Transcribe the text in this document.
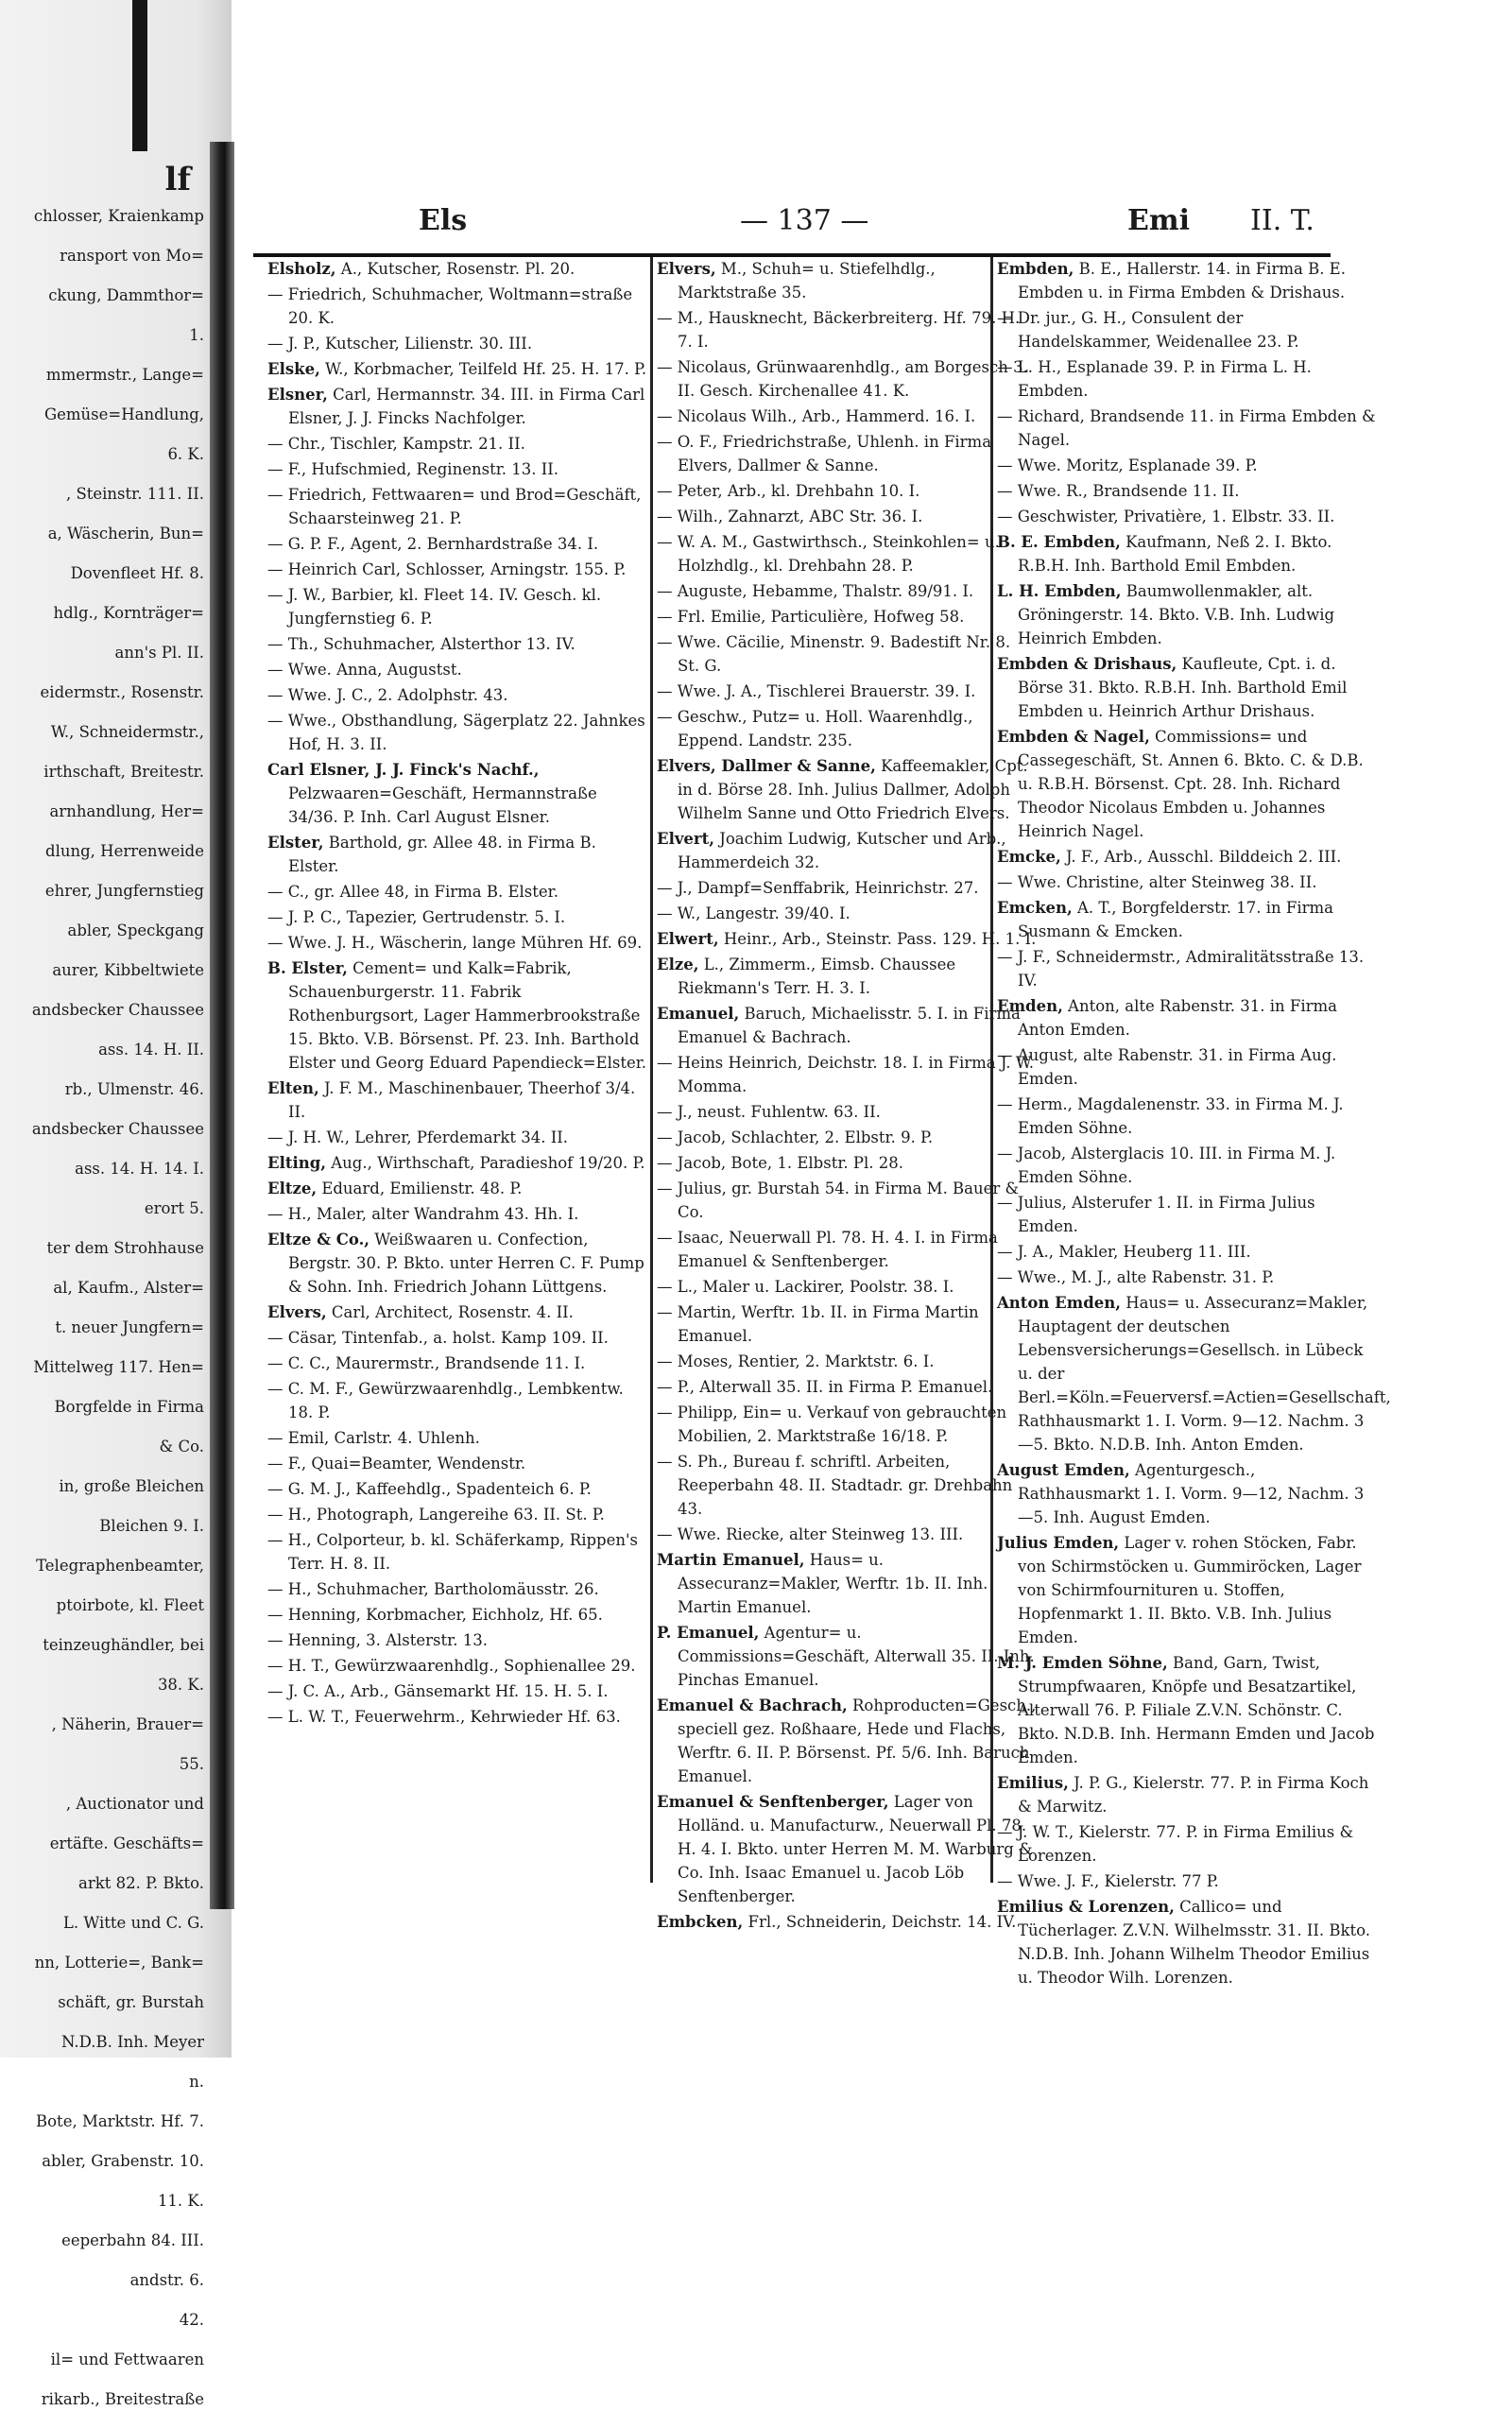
lf
chlosser, Kraienkamp
ransport von Mo=
ckung, Dammthor=
1.
mmermstr., Lange=
Gemüse=Handlung,
6. K.
, Steinstr. 111. II.
a, Wäscherin, Bun=
Dovenfleet Hf. 8.
hdlg., Kornträger=
ann's Pl. II.
eidermstr., Rosenstr.
W., Schneidermstr.,
irthschaft, Breitestr.
arnhandlung, Her=
dlung, Herrenweide
ehrer, Jungfernstieg
abler, Speckgang
aurer, Kibbeltwiete
andsbecker Chaussee
ass. 14. H. II.
rb., Ulmenstr. 46.
andsbecker Chaussee
ass. 14. H. 14. I.
erort 5.
ter dem Strohhause
al, Kaufm., Alster=
t. neuer Jungfern=
Mittelweg 117. Hen=
Borgfelde in Firma
& Co.
in, große Bleichen
Bleichen 9. I.
Telegraphenbeamter,
ptoirbote, kl. Fleet
teinzeughändler, bei
38. K.
, Näherin, Brauer=
55.
, Auctionator und
ertäfte. Geschäfts=
arkt 82. P. Bkto.
L. Witte und C. G.
nn, Lotterie=, Bank=
schäft, gr. Burstah
N.D.B. Inh. Meyer
n.
Bote, Marktstr. Hf. 7.
abler, Grabenstr. 10.
11. K.
eeperbahn 84. III.
andstr. 6.
42.
il= und Fettwaaren
rikarb., Breitestraße
Els	— 137 —	Emi II. T.
Elsholz, A., Kutscher, Rosenstr. Pl. 20.
— Friedrich, Schuhmacher, Woltmann=straße 20. K.
— J. P., Kutscher, Lilienstr. 30. III.
Elske, W., Korbmacher, Teilfeld Hf. 25. H. 17. P.
Elsner, Carl, Hermannstr. 34. III. in Firma Carl Elsner, J. J. Fincks Nachfolger.
— Chr., Tischler, Kampstr. 21. II.
— F., Hufschmied, Reginenstr. 13. II.
— Friedrich, Fettwaaren= und Brod=Geschäft, Schaarsteinweg 21. P.
— G. P. F., Agent, 2. Bernhardstraße 34. I.
— Heinrich Carl, Schlosser, Arningstr. 155. P.
— J. W., Barbier, kl. Fleet 14. IV. Gesch. kl. Jungfernstieg 6. P.
— Th., Schuhmacher, Alsterthor 13. IV.
— Wwe. Anna, Augustst.
— Wwe. J. C., 2. Adolphstr. 43.
— Wwe., Obsthandlung, Sägerplatz 22. Jahnkes Hof, H. 3. II.
Carl Elsner, J. J. Finck's Nachf., Pelzwaaren=Geschäft, Hermannstraße 34/36. P. Inh. Carl August Elsner.
Elster, Barthold, gr. Allee 48. in Firma B. Elster.
— C., gr. Allee 48, in Firma B. Elster.
— J. P. C., Tapezier, Gertrudenstr. 5. I.
— Wwe. J. H., Wäscherin, lange Mühren Hf. 69.
B. Elster, Cement= und Kalk=Fabrik, Schauenburgerstr. 11. Fabrik Rothenburgsort, Lager Hammerbrookstraße 15. Bkto. V.B. Börsenst. Pf. 23. Inh. Barthold Elster und Georg Eduard Papendieck=Elster.
Elten, J. F. M., Maschinenbauer, Theerhof 3/4. II.
— J. H. W., Lehrer, Pferdemarkt 34. II.
Elting, Aug., Wirthschaft, Paradieshof 19/20. P.
Eltze, Eduard, Emilienstr. 48. P.
— H., Maler, alter Wandrahm 43. Hh. I.
Eltze & Co., Weißwaaren u. Confection, Bergstr. 30. P. Bkto. unter Herren C. F. Pump & Sohn. Inh. Friedrich Johann Lüttgens.
Elvers, Carl, Architect, Rosenstr. 4. II.
— Cäsar, Tintenfab., a. holst. Kamp 109. II.
— C. C., Maurermstr., Brandsende 11. I.
— C. M. F., Gewürzwaarenhdlg., Lembkentw. 18. P.
— Emil, Carlstr. 4. Uhlenh.
— F., Quai=Beamter, Wendenstr.
— G. M. J., Kaffeehdlg., Spadenteich 6. P.
— H., Photograph, Langereihe 63. II. St. P.
— H., Colporteur, b. kl. Schäferkamp, Rippen's Terr. H. 8. II.
— H., Schuhmacher, Bartholomäusstr. 26.
— Henning, Korbmacher, Eichholz, Hf. 65.
— Henning, 3. Alsterstr. 13.
— H. T., Gewürzwaarenhdlg., Sophienallee 29.
— J. C. A., Arb., Gänsemarkt Hf. 15. H. 5. I.
— L. W. T., Feuerwehrm., Kehrwieder Hf. 63.
Elvers, M., Schuh= u. Stiefelhdlg., Marktstraße 35.
— M., Hausknecht, Bäckerbreiterg. Hf. 79. H. 7. I.
— Nicolaus, Grünwaarenhdlg., am Borgesch 3. II. Gesch. Kirchenallee 41. K.
— Nicolaus Wilh., Arb., Hammerd. 16. I.
— O. F., Friedrichstraße, Uhlenh. in Firma Elvers, Dallmer & Sanne.
— Peter, Arb., kl. Drehbahn 10. I.
— Wilh., Zahnarzt, ABC Str. 36. I.
— W. A. M., Gastwirthsch., Steinkohlen= u. Holzhdlg., kl. Drehbahn 28. P.
— Auguste, Hebamme, Thalstr. 89/91. I.
— Frl. Emilie, Particulière, Hofweg 58.
— Wwe. Cäcilie, Minenstr. 9. Badestift Nr. 8. St. G.
— Wwe. J. A., Tischlerei Brauerstr. 39. I.
— Geschw., Putz= u. Holl. Waarenhdlg., Eppend. Landstr. 235.
Elvers, Dallmer & Sanne, Kaffeemakler, Cpt. in d. Börse 28. Inh. Julius Dallmer, Adolph Wilhelm Sanne und Otto Friedrich Elvers.
Elvert, Joachim Ludwig, Kutscher und Arb., Hammerdeich 32.
— J., Dampf=Senffabrik, Heinrichstr. 27.
— W., Langestr. 39/40. I.
Elwert, Heinr., Arb., Steinstr. Pass. 129. H. 1. I.
Elze, L., Zimmerm., Eimsb. Chaussee Riekmann's Terr. H. 3. I.
Emanuel, Baruch, Michaelisstr. 5. I. in Firma Emanuel & Bachrach.
— Heins Heinrich, Deichstr. 18. I. in Firma J. W. Momma.
— J., neust. Fuhlentw. 63. II.
— Jacob, Schlachter, 2. Elbstr. 9. P.
— Jacob, Bote, 1. Elbstr. Pl. 28.
— Julius, gr. Burstah 54. in Firma M. Bauer & Co.
— Isaac, Neuerwall Pl. 78. H. 4. I. in Firma Emanuel & Senftenberger.
— L., Maler u. Lackirer, Poolstr. 38. I.
— Martin, Werftr. 1b. II. in Firma Martin Emanuel.
— Moses, Rentier, 2. Marktstr. 6. I.
— P., Alterwall 35. II. in Firma P. Emanuel.
— Philipp, Ein= u. Verkauf von gebrauchten Mobilien, 2. Marktstraße 16/18. P.
— S. Ph., Bureau f. schriftl. Arbeiten, Reeperbahn 48. II. Stadtadr. gr. Drehbahn 43.
— Wwe. Riecke, alter Steinweg 13. III.
Martin Emanuel, Haus= u. Assecuranz=Makler, Werftr. 1b. II. Inh. Martin Emanuel.
P. Emanuel, Agentur= u. Commissions=Geschäft, Alterwall 35. II. Inh. Pinchas Emanuel.
Emanuel & Bachrach, Rohproducten=Gesch., speciell gez. Roßhaare, Hede und Flachs, Werftr. 6. II. P. Börsenst. Pf. 5/6. Inh. Baruch Emanuel.
Emanuel & Senftenberger, Lager von Holländ. u. Manufacturw., Neuerwall Pl. 78. H. 4. I. Bkto. unter Herren M. M. Warburg & Co. Inh. Isaac Emanuel u. Jacob Löb Senftenberger.
Embcken, Frl., Schneiderin, Deichstr. 14. IV.
Embden, B. E., Hallerstr. 14. in Firma B. E. Embden u. in Firma Embden & Drishaus.
— Dr. jur., G. H., Consulent der Handelskammer, Weidenallee 23. P.
— L. H., Esplanade 39. P. in Firma L. H. Embden.
— Richard, Brandsende 11. in Firma Embden & Nagel.
— Wwe. Moritz, Esplanade 39. P.
— Wwe. R., Brandsende 11. II.
— Geschwister, Privatière, 1. Elbstr. 33. II.
B. E. Embden, Kaufmann, Neß 2. I. Bkto. R.B.H. Inh. Barthold Emil Embden.
L. H. Embden, Baumwollenmakler, alt. Gröningerstr. 14. Bkto. V.B. Inh. Ludwig Heinrich Embden.
Embden & Drishaus, Kaufleute, Cpt. i. d. Börse 31. Bkto. R.B.H. Inh. Barthold Emil Embden u. Heinrich Arthur Drishaus.
Embden & Nagel, Commissions= und Cassegeschäft, St. Annen 6. Bkto. C. & D.B. u. R.B.H. Börsenst. Cpt. 28. Inh. Richard Theodor Nicolaus Embden u. Johannes Heinrich Nagel.
Emcke, J. F., Arb., Ausschl. Bilddeich 2. III.
— Wwe. Christine, alter Steinweg 38. II.
Emcken, A. T., Borgfelderstr. 17. in Firma Susmann & Emcken.
— J. F., Schneidermstr., Admiralitätsstraße 13. IV.
Emden, Anton, alte Rabenstr. 31. in Firma Anton Emden.
— August, alte Rabenstr. 31. in Firma Aug. Emden.
— Herm., Magdalenenstr. 33. in Firma M. J. Emden Söhne.
— Jacob, Alsterglacis 10. III. in Firma M. J. Emden Söhne.
— Julius, Alsterufer 1. II. in Firma Julius Emden.
— J. A., Makler, Heuberg 11. III.
— Wwe., M. J., alte Rabenstr. 31. P.
Anton Emden, Haus= u. Assecuranz=Makler, Hauptagent der deutschen Lebensversicherungs=Gesellsch. in Lübeck u. der Berl.=Köln.=Feuerversf.=Actien=Gesellschaft, Rathhausmarkt 1. I. Vorm. 9—12. Nachm. 3—5. Bkto. N.D.B. Inh. Anton Emden.
August Emden, Agenturgesch., Rathhausmarkt 1. I. Vorm. 9—12, Nachm. 3—5. Inh. August Emden.
Julius Emden, Lager v. rohen Stöcken, Fabr. von Schirmstöcken u. Gummiröcken, Lager von Schirmfournituren u. Stoffen, Hopfenmarkt 1. II. Bkto. V.B. Inh. Julius Emden.
M. J. Emden Söhne, Band, Garn, Twist, Strumpfwaaren, Knöpfe und Besatzartikel, Alterwall 76. P. Filiale Z.V.N. Schönstr. C. Bkto. N.D.B. Inh. Hermann Emden und Jacob Emden.
Emilius, J. P. G., Kielerstr. 77. P. in Firma Koch & Marwitz.
— J. W. T., Kielerstr. 77. P. in Firma Emilius & Lorenzen.
— Wwe. J. F., Kielerstr. 77 P.
Emilius & Lorenzen, Callico= und Tücherlager. Z.V.N. Wilhelmsstr. 31. II. Bkto. N.D.B. Inh. Johann Wilhelm Theodor Emilius u. Theodor Wilh. Lorenzen.
